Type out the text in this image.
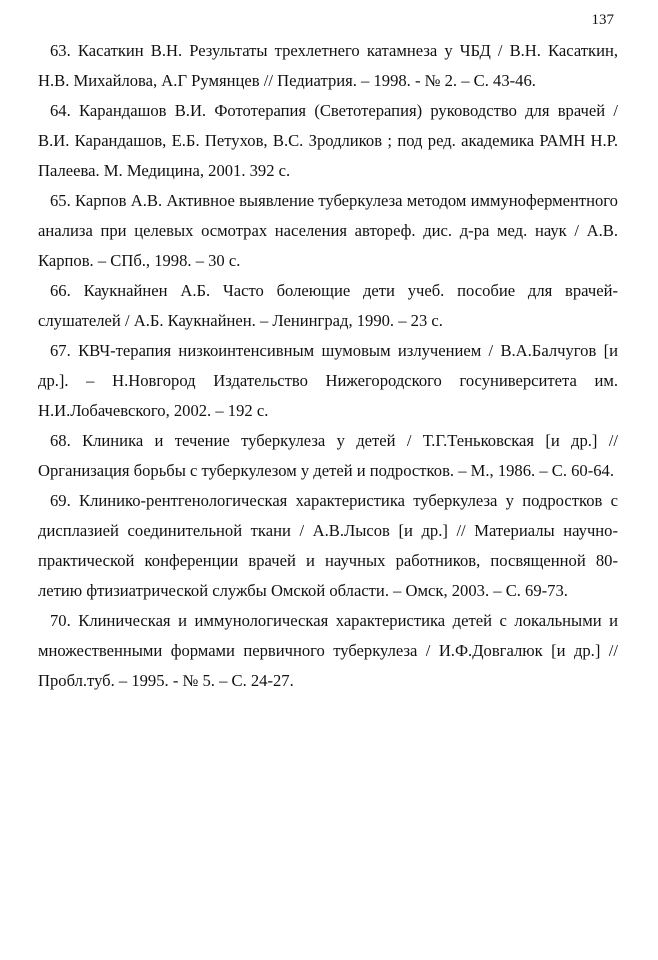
137

63. Касаткин В.Н. Результаты трехлетнего катамнеза у ЧБД / В.Н. Касаткин, Н.В. Михайлова, А.Г Румянцев // Педиатрия. – 1998. - № 2. – С. 43-46.

64. Карандашов В.И. Фототерапия (Светотерапия) руководство для врачей / В.И. Карандашов, Е.Б. Петухов, В.С. Зродликов ; под ред. академика РАМН Н.Р. Палеева. М. Медицина, 2001. 392 с.

65. Карпов А.В. Активное выявление туберкулеза методом иммуноферментного анализа при целевых осмотрах населения автореф. дис. д-ра мед. наук / А.В. Карпов. – СПб., 1998. – 30 с.

66. Каукнайнен А.Б. Часто болеющие дети учеб. пособие для врачей-слушателей / А.Б. Каукнайнен. – Ленинград, 1990. – 23 с.

67. КВЧ-терапия низкоинтенсивным шумовым излучением / В.А.Балчугов [и др.]. – Н.Новгород Издательство Нижегородского госуниверситета им. Н.И.Лобачевского, 2002. – 192 с.

68. Клиника и течение туберкулеза у детей / Т.Г.Теньковская [и др.] // Организация борьбы с туберкулезом у детей и подростков. – М., 1986. – С. 60-64.

69. Клинико-рентгенологическая характеристика туберкулеза у подростков с дисплазией соединительной ткани / А.В.Лысов [и др.] // Материалы научно-практической конференции врачей и научных работников, посвященной 80-летию фтизиатрической службы Омской области. – Омск, 2003. – С. 69-73.

70. Клиническая и иммунологическая характеристика детей с локальными и множественными формами первичного туберкулеза / И.Ф.Довгалюк [и др.] // Пробл.туб. – 1995. - № 5. – С. 24-27.
